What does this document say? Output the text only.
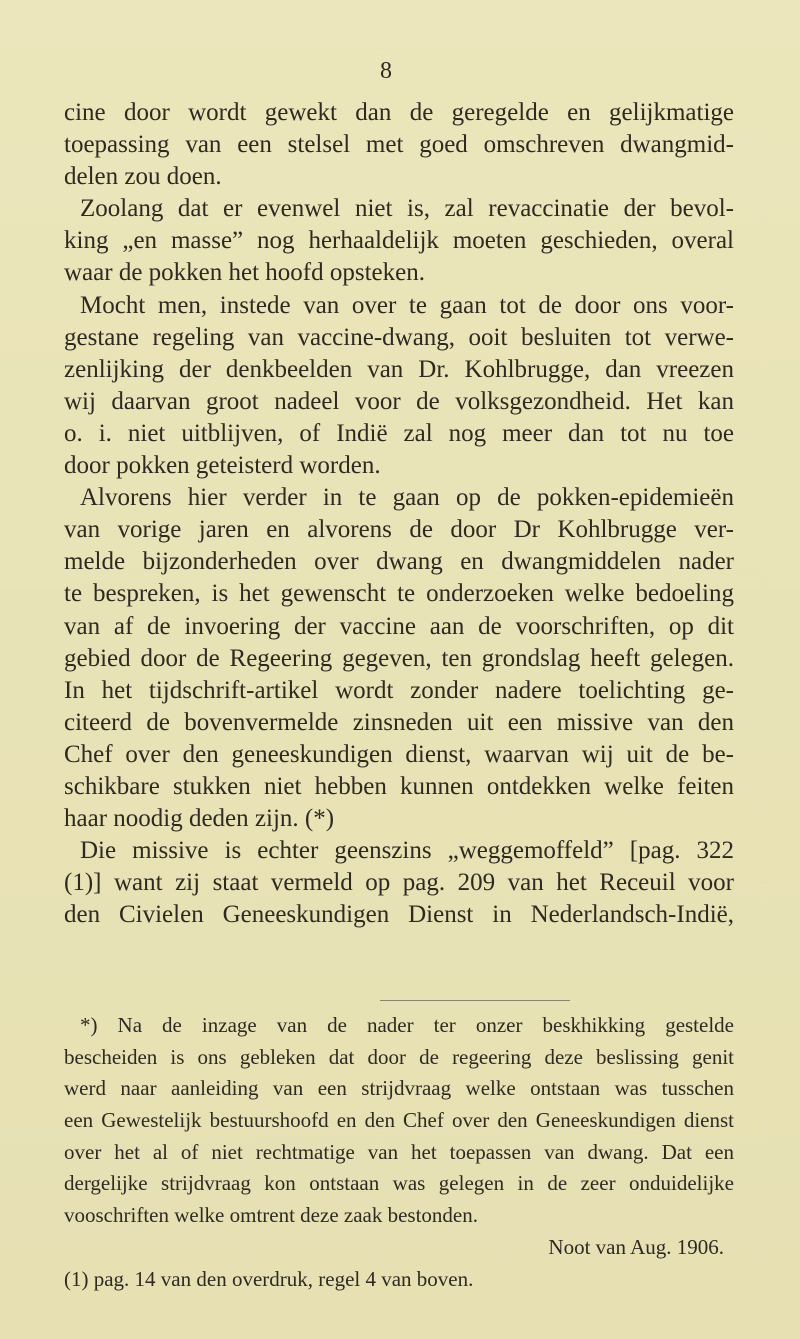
8
cine door wordt gewekt dan de geregelde en gelijkmatige
toepassing van een stelsel met goed omschreven dwangmid-
delen zou doen.
Zoolang dat er evenwel niet is, zal revaccinatie der bevol-
king „en masse” nog herhaaldelijk moeten geschieden, overal
waar de pokken het hoofd opsteken.
Mocht men, instede van over te gaan tot de door ons voor-
gestane regeling van vaccine-dwang, ooit besluiten tot verwe-
zenlijking der denkbeelden van Dr. Kohlbrugge, dan vreezen
wij daarvan groot nadeel voor de volksgezondheid. Het kan
o. i. niet uitblijven, of Indië zal nog meer dan tot nu toe
door pokken geteisterd worden.
Alvorens hier verder in te gaan op de pokken-epidemieën
van vorige jaren en alvorens de door Dr Kohlbrugge ver-
melde bijzonderheden over dwang en dwangmiddelen nader
te bespreken, is het gewenscht te onderzoeken welke bedoeling
van af de invoering der vaccine aan de voorschriften, op dit
gebied door de Regeering gegeven, ten grondslag heeft gelegen.
In het tijdschrift-artikel wordt zonder nadere toelichting ge-
citeerd de bovenvermelde zinsneden uit een missive van den
Chef over den geneeskundigen dienst, waarvan wij uit de be-
schikbare stukken niet hebben kunnen ontdekken welke feiten
haar noodig deden zijn. (*)
Die missive is echter geenszins „weggemoffeld” [pag. 322
(1)] want zij staat vermeld op pag. 209 van het Receuil voor
den Civielen Geneeskundigen Dienst in Nederlandsch-Indië,
*) Na de inzage van de nader ter onzer beskhikking gestelde
bescheiden is ons gebleken dat door de regeering deze beslissing genit
werd naar aanleiding van een strijdvraag welke ontstaan was tusschen
een Gewestelijk bestuurshoofd en den Chef over den Geneeskundigen dienst
over het al of niet rechtmatige van het toepassen van dwang. Dat een
dergelijke strijdvraag kon ontstaan was gelegen in de zeer onduidelijke
vooschriften welke omtrent deze zaak bestonden.
Noot van Aug. 1906.
(1) pag. 14 van den overdruk, regel 4 van boven.
